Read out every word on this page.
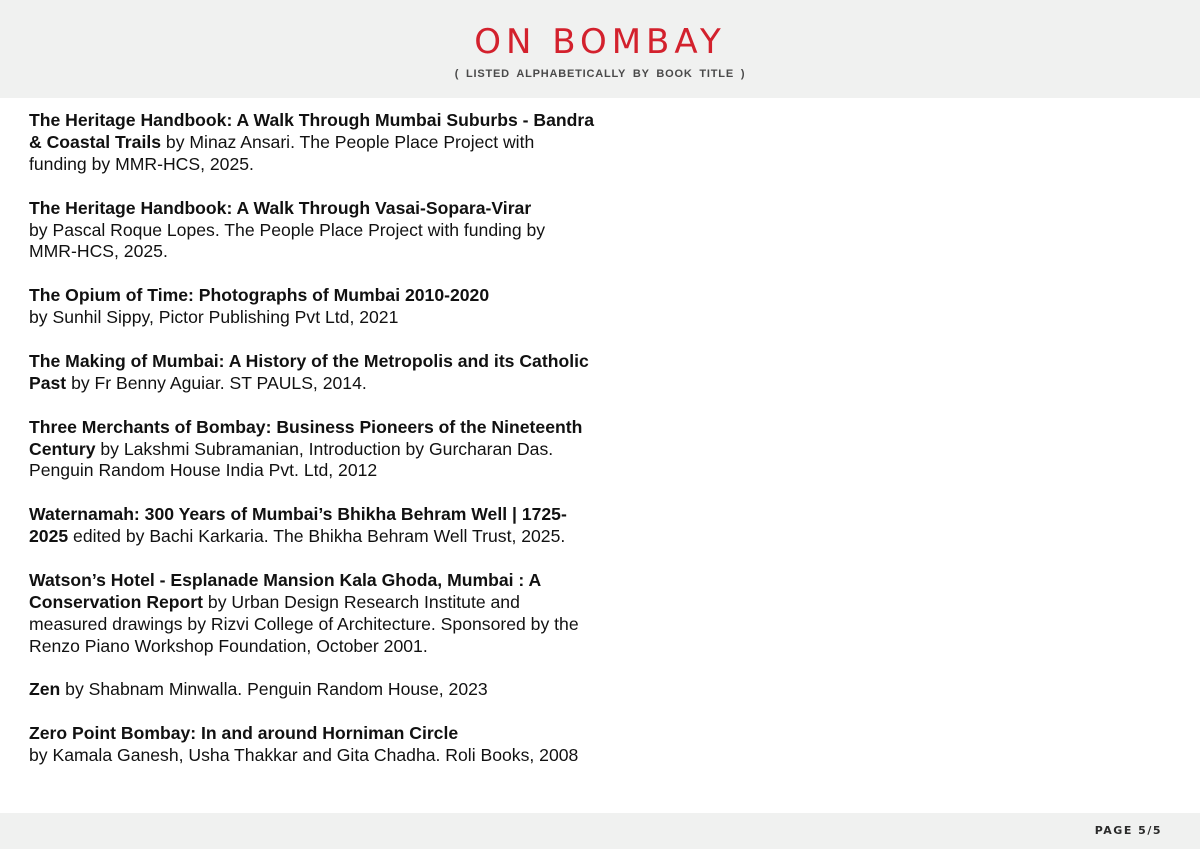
ON BOMBAY
( LISTED ALPHABETICALLY BY BOOK TITLE )

The Heritage Handbook: A Walk Through Mumbai Suburbs - Bandra & Coastal Trails by Minaz Ansari. The People Place Project with funding by MMR-HCS, 2025.

The Heritage Handbook: A Walk Through Vasai-Sopara-Virar
by Pascal Roque Lopes. The People Place Project with funding by MMR-HCS, 2025.

The Opium of Time: Photographs of Mumbai 2010-2020
by Sunhil Sippy, Pictor Publishing Pvt Ltd, 2021

The Making of Mumbai: A History of the Metropolis and its Catholic Past by Fr Benny Aguiar. ST PAULS, 2014.

Three Merchants of Bombay: Business Pioneers of the Nineteenth Century by Lakshmi Subramanian, Introduction by Gurcharan Das. Penguin Random House India Pvt. Ltd, 2012

Waternamah: 300 Years of Mumbai’s Bhikha Behram Well | 1725-2025 edited by Bachi Karkaria. The Bhikha Behram Well Trust, 2025.

Watson’s Hotel - Esplanade Mansion Kala Ghoda, Mumbai : A Conservation Report by Urban Design Research Institute and measured drawings by Rizvi College of Architecture. Sponsored by the Renzo Piano Workshop Foundation, October 2001.

Zen by Shabnam Minwalla. Penguin Random House, 2023

Zero Point Bombay: In and around Horniman Circle
by Kamala Ganesh, Usha Thakkar and Gita Chadha. Roli Books, 2008

PAGE 5/5
